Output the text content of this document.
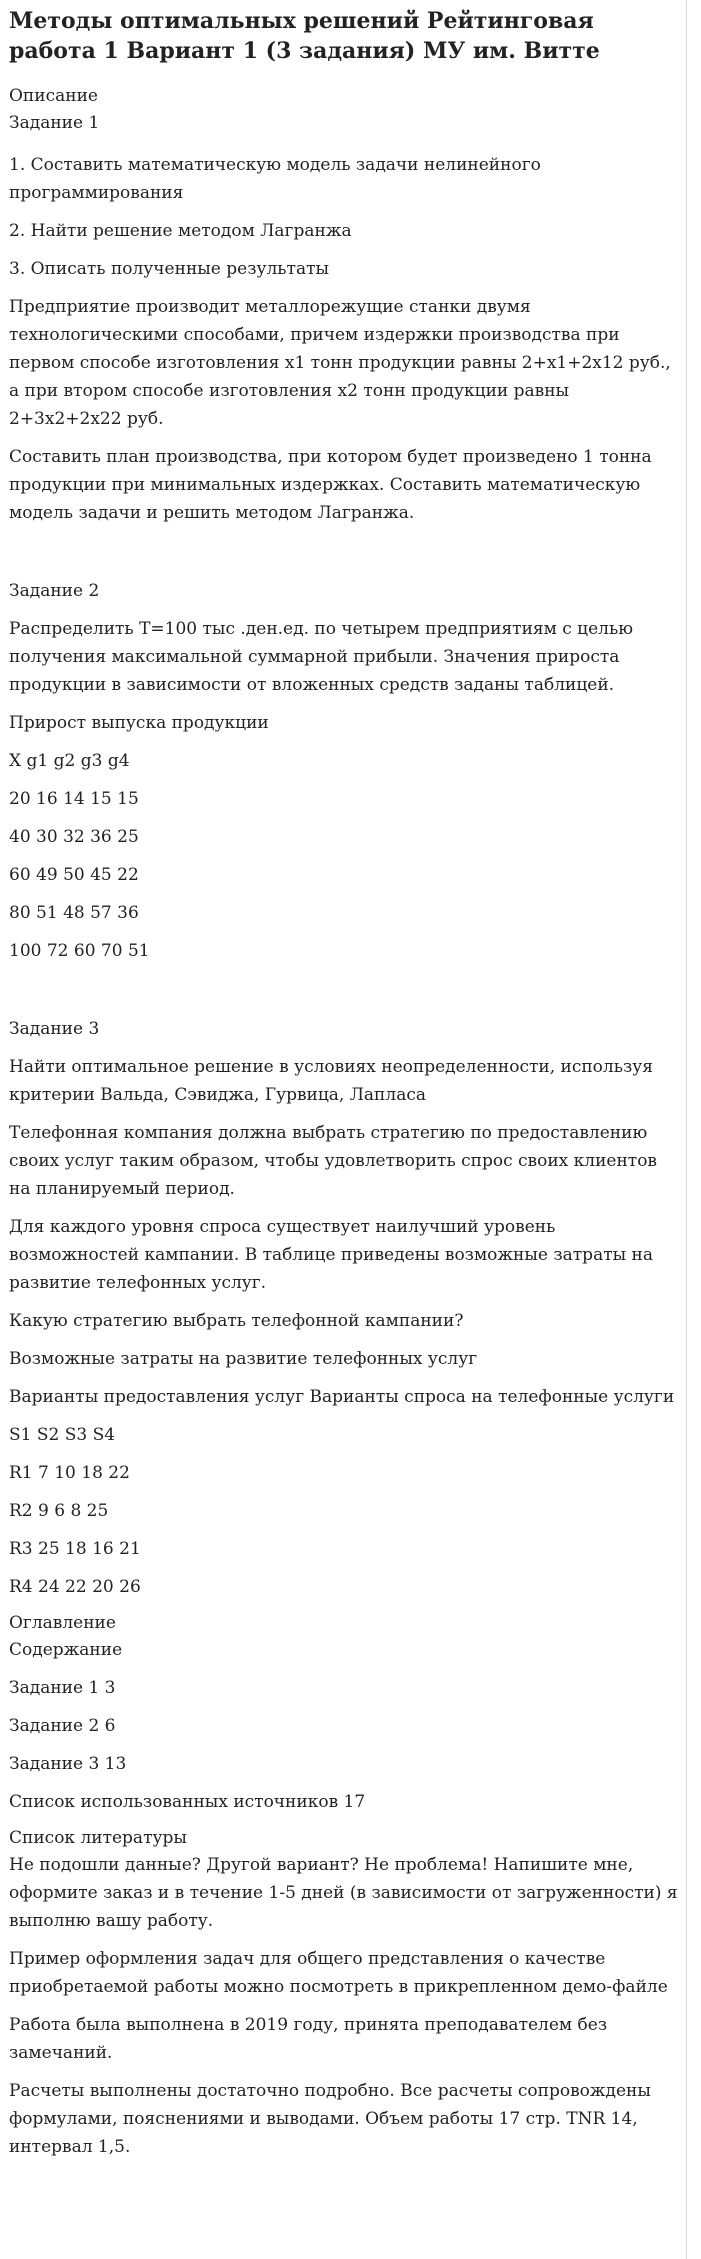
Методы оптимальных решений Рейтинговая работа 1 Вариант 1 (3 задания) МУ им. Витте
Описание

Задание 1

1. Составить математическую модель задачи нелинейного программирования

2. Найти решение методом Лагранжа

3. Описать полученные результаты

Предприятие производит металлорежущие станки двумя технологическими способами, причем издержки производства при первом способе изготовления x1 тонн продукции равны 2+x1+2x12 руб., а при втором способе изготовления x2 тонн продукции равны 2+3x2+2x22 руб.

Составить план производства, при котором будет произведено 1 тонна продукции при минимальных издержках. Составить математическую модель задачи и решить методом Лагранжа.

Задание 2

Распределить T=100 тыс .ден.ед. по четырем предприятиям с целью получения максимальной суммарной прибыли. Значения прироста продукции в зависимости от вложенных средств заданы таблицей.

Прирост выпуска продукции

X g1 g2 g3 g4

20 16 14 15 15

40 30 32 36 25

60 49 50 45 22

80 51 48 57 36

100 72 60 70 51

Задание 3

Найти оптимальное решение в условиях неопределенности, используя критерии Вальда, Сэвиджа, Гурвица, Лапласа

Телефонная компания должна выбрать стратегию по предоставлению своих услуг таким образом, чтобы удовлетворить спрос своих клиентов на планируемый период.

Для каждого уровня спроса существует наилучший уровень возможностей кампании. В таблице приведены возможные затраты на развитие телефонных услуг.

Какую стратегию выбрать телефонной кампании?

Возможные затраты на развитие телефонных услуг

Варианты предоставления услуг Варианты спроса на телефонные услуги

S1 S2 S3 S4

R1 7 10 18 22

R2 9 6 8 25

R3 25 18 16 21

R4 24 22 20 26

Оглавление

Содержание

Задание 1 3

Задание 2 6

Задание 3 13

Список использованных источников 17

Список литературы

Не подошли данные? Другой вариант? Не проблема! Напишите мне, оформите заказ и в течение 1-5 дней (в зависимости от загруженности) я выполню вашу работу.

Пример оформления задач для общего представления о качестве приобретаемой работы можно посмотреть в прикрепленном демо-файле

Работа была выполнена в 2019 году, принята преподавателем без замечаний.

Расчеты выполнены достаточно подробно. Все расчеты сопровождены формулами, пояснениями и выводами. Объем работы 17 стр. TNR 14, интервал 1,5.
